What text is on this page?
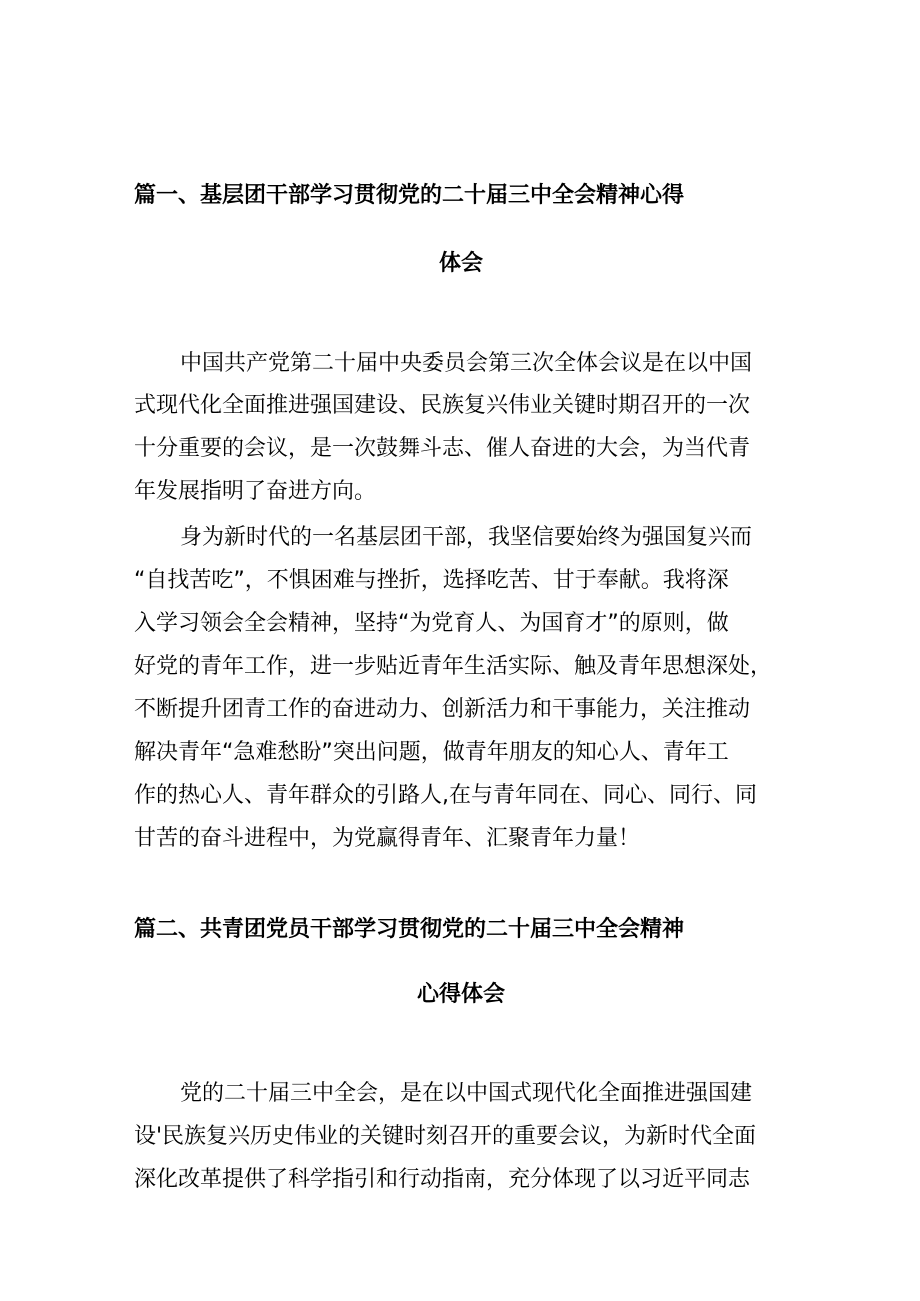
篇一、基层团干部学习贯彻党的二十届三中全会精神心得
体会
中国共产党第二十届中央委员会第三次全体会议是在以中国
式现代化全面推进强国建设、民族复兴伟业关键时期召开的一次
十分重要的会议，是一次鼓舞斗志、催人奋进的大会，为当代青
年发展指明了奋进方向。
身为新时代的一名基层团干部，我坚信要始终为强国复兴而
“自找苦吃”，不惧困难与挫折，选择吃苦、甘于奉献。我将深
入学习领会全会精神，坚持“为党育人、为国育才”的原则，做
好党的青年工作，进一步贴近青年生活实际、触及青年思想深处，
不断提升团青工作的奋进动力、创新活力和干事能力，关注推动
解决青年“急难愁盼”突出问题，做青年朋友的知心人、青年工
作的热心人、青年群众的引路人,在与青年同在、同心、同行、同
甘苦的奋斗进程中，为党赢得青年、汇聚青年力量！
篇二、共青团党员干部学习贯彻党的二十届三中全会精神
心得体会
党的二十届三中全会，是在以中国式现代化全面推进强国建
设'民族复兴历史伟业的关键时刻召开的重要会议，为新时代全面
深化改革提供了科学指引和行动指南，充分体现了以习近平同志
